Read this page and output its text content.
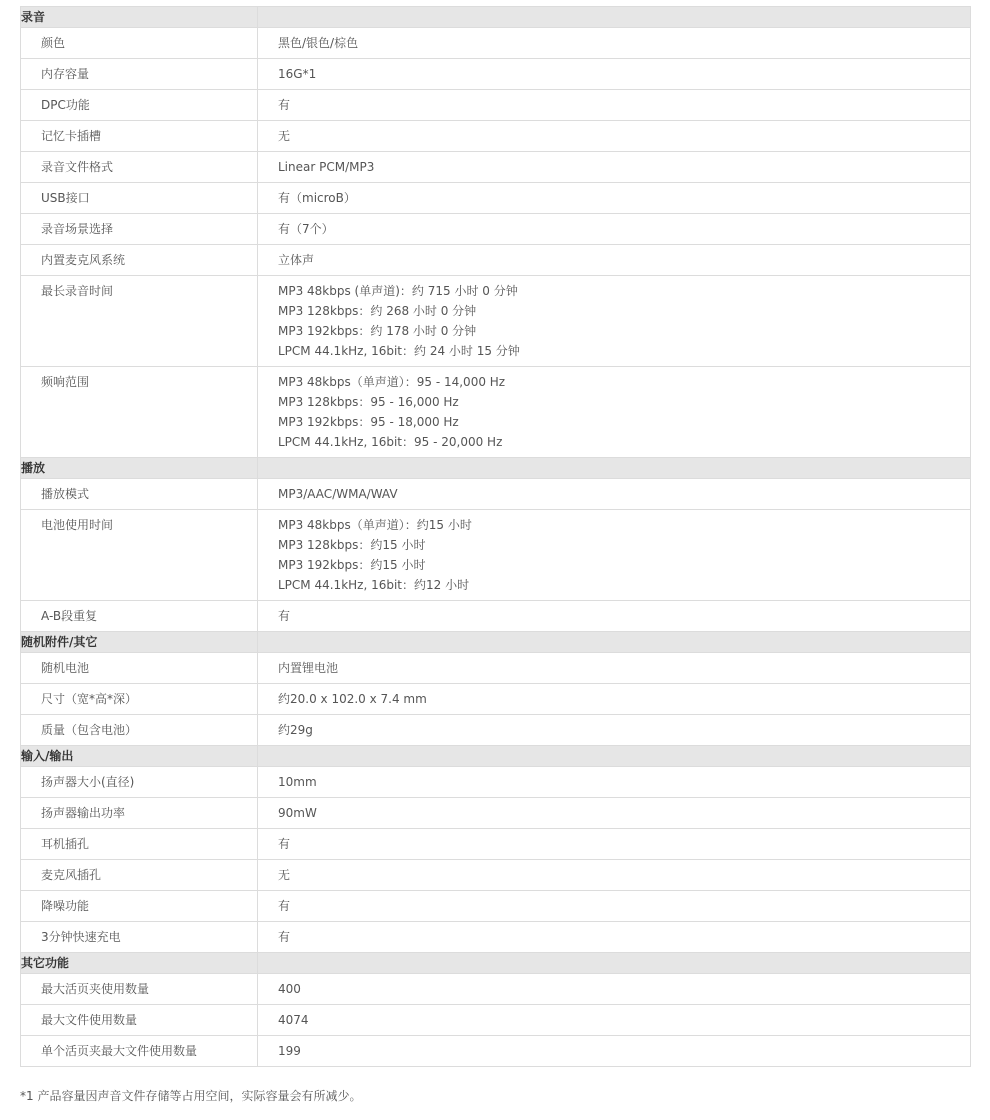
录音	
颜色	黑色/银色/棕色

内存容量	16G*1

DPC功能	有

记忆卡插槽	无

录音文件格式	Linear PCM/MP3

USB接口	有（microB）

录音场景选择	有（7个）

内置麦克风系统	立体声

最长录音时间	MP3 48kbps (单声道)：约 715 小时 0 分钟
MP3 128kbps：约 268 小时 0 分钟
MP3 192kbps：约 178 小时 0 分钟
LPCM 44.1kHz, 16bit：约 24 小时 15 分钟

频响范围	MP3 48kbps（单声道）：95 - 14,000 Hz
MP3 128kbps：95 - 16,000 Hz
MP3 192kbps：95 - 18,000 Hz
LPCM 44.1kHz, 16bit：95 - 20,000 Hz

播放	
播放模式	MP3/AAC/WMA/WAV

电池使用时间	MP3 48kbps（单声道）：约15 小时
MP3 128kbps：约15 小时
MP3 192kbps：约15 小时
LPCM 44.1kHz, 16bit：约12 小时

A-B段重复	有

随机附件/其它	
随机电池	内置锂电池

尺寸（宽*高*深）	约20.0 x 102.0 x 7.4 mm

质量（包含电池）	约29g

输入/输出	
扬声器大小(直径)	10mm

扬声器输出功率	90mW

耳机插孔	有

麦克风插孔	无

降噪功能	有

3分钟快速充电	有

其它功能	
最大活页夹使用数量	400

最大文件使用数量	4074

单个活页夹最大文件使用数量	199
*1 产品容量因声音文件存储等占用空间，实际容量会有所减少。
